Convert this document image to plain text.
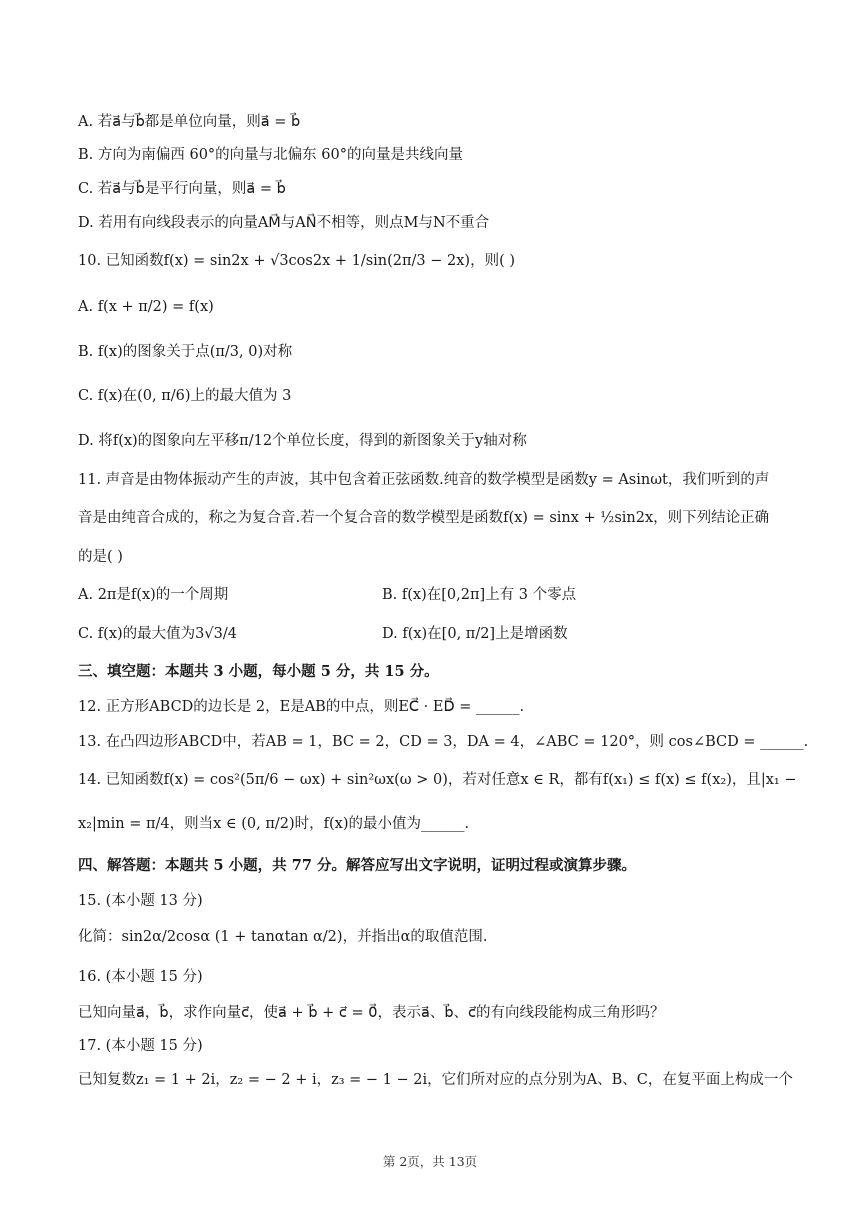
A. 若a⃗与b⃗都是单位向量，则a⃗ = b⃗
B. 方向为南偏西 60°的向量与北偏东 60°的向量是共线向量
C. 若a⃗与b⃗是平行向量，则a⃗ = b⃗
D. 若用有向线段表示的向量AM⃗与AN⃗不相等，则点M与N不重合
10. 已知函数f(x) = sin2x + √3cos2x + 1/sin(2π/3 − 2x)，则( )
A. f(x + π/2) = f(x)
B. f(x)的图象关于点(π/3, 0)对称
C. f(x)在(0, π/6)上的最大值为 3
D. 将f(x)的图象向左平移π/12个单位长度，得到的新图象关于y轴对称
11. 声音是由物体振动产生的声波，其中包含着正弦函数.纯音的数学模型是函数y = Asinωt，我们听到的声
音是由纯音合成的，称之为复合音.若一个复合音的数学模型是函数f(x) = sinx + ½sin2x，则下列结论正确
的是( )
A. 2π是f(x)的一个周期	B. f(x)在[0,2π]上有 3 个零点
C. f(x)的最大值为3√3/4	D. f(x)在[0, π/2]上是增函数
三、填空题：本题共 3 小题，每小题 5 分，共 15 分。
12. 正方形ABCD的边长是 2，E是AB的中点，则EC⃗ · ED⃗ = ______.
13. 在凸四边形ABCD中，若AB = 1，BC = 2，CD = 3，DA = 4，∠ABC = 120°，则 cos∠BCD = ______.
14. 已知函数f(x) = cos²(5π/6 − ωx) + sin²ωx(ω > 0)，若对任意x ∈ R，都有f(x₁) ≤ f(x) ≤ f(x₂)，且|x₁ −
x₂|min = π/4，则当x ∈ (0, π/2)时，f(x)的最小值为______.
四、解答题：本题共 5 小题，共 77 分。解答应写出文字说明，证明过程或演算步骤。
15. (本小题 13 分)
化简：sin2α/2cosα (1 + tanαtan α/2)，并指出α的取值范围.
16. (本小题 15 分)
已知向量a⃗，b⃗，求作向量c⃗，使a⃗ + b⃗ + c⃗ = 0⃗，表示a⃗、b⃗、c⃗的有向线段能构成三角形吗？
17. (本小题 15 分)
已知复数z₁ = 1 + 2i，z₂ = − 2 + i，z₃ = − 1 − 2i，它们所对应的点分别为A、B、C，在复平面上构成一个
第 2页，共 13页
